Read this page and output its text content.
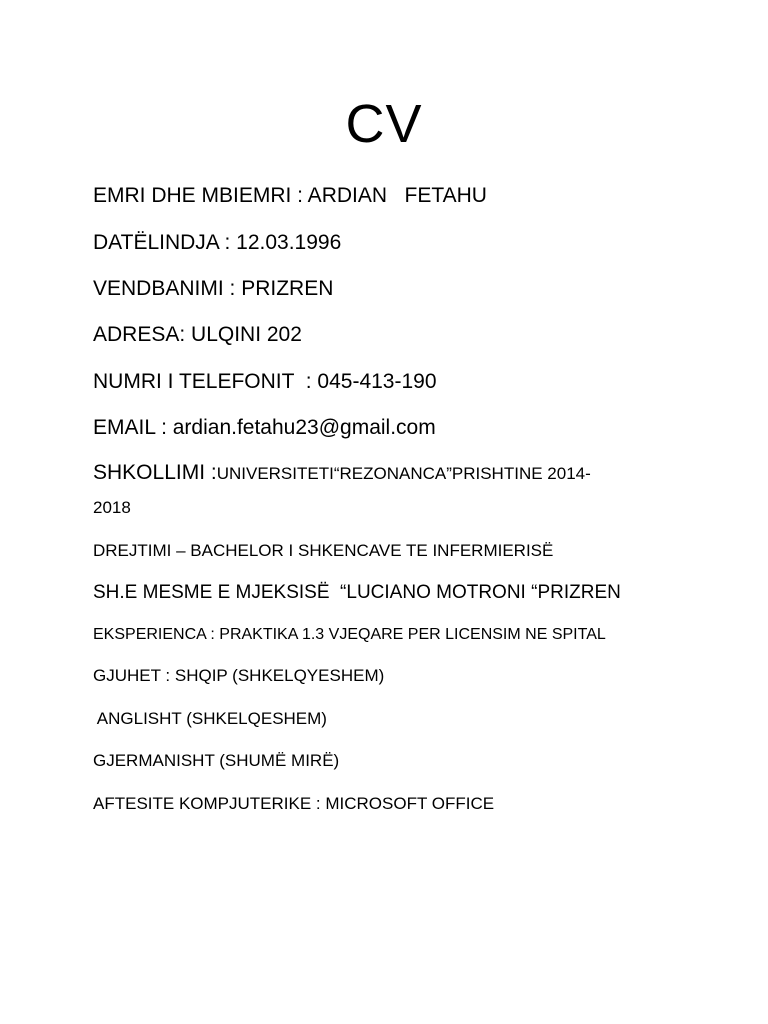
CV
EMRI DHE MBIEMRI : ARDIAN   FETAHU
DATËLINDJA : 12.03.1996
VENDBANIMI : PRIZREN
ADRESA: ULQINI 202
NUMRI I TELEFONIT  : 045-413-190
EMAIL : ardian.fetahu23@gmail.com
SHKOLLIMI :UNIVERSITETI“REZONANCA”PRISHTINE 2014-
2018
DREJTIMI – BACHELOR I SHKENCAVE TE INFERMIERISË
SH.E MESME E MJEKSISË  “LUCIANO MOTRONI “PRIZREN
EKSPERIENCA : PRAKTIKA 1.3 VJEQARE PER LICENSIM NE SPITAL
GJUHET : SHQIP (SHKELQYESHEM)
ANGLISHT (SHKELQESHEM)
GJERMANISHT (SHUMË MIRË)
AFTESITE KOMPJUTERIKE : MICROSOFT OFFICE
